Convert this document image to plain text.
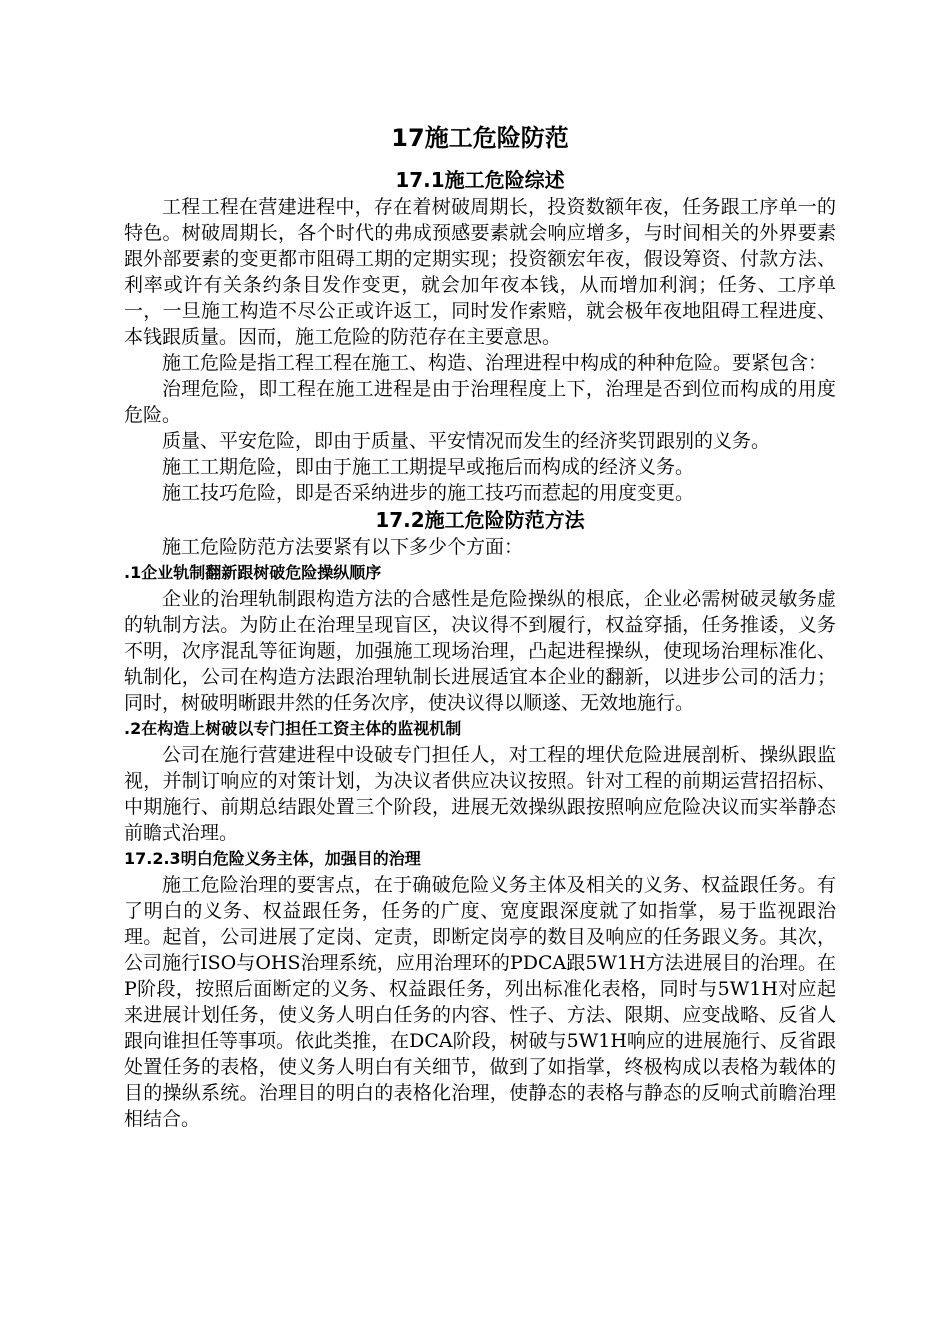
17施工危险防范
17.1施工危险综述

工程工程在营建进程中，存在着树破周期长，投资数额年夜，任务跟工序单一的特色。树破周期长，各个时代的弗成预感要素就会响应增多，与时间相关的外界要素跟外部要素的变更都市阻碍工期的定期实现；投资额宏年夜，假设筹资、付款方法、利率或许有关条约条目发作变更，就会加年夜本钱，从而增加利润；任务、工序单一，一旦施工构造不尽公正或许返工，同时发作索赔，就会极年夜地阻碍工程进度、本钱跟质量。因而，施工危险的防范存在主要意思。

施工危险是指工程工程在施工、构造、治理进程中构成的种种危险。要紧包含：

治理危险，即工程在施工进程是由于治理程度上下，治理是否到位而构成的用度危险。

质量、平安危险，即由于质量、平安情况而发生的经济奖罚跟别的义务。

施工工期危险，即由于施工工期提早或拖后而构成的经济义务。

施工技巧危险，即是否采纳进步的施工技巧而惹起的用度变更。

17.2施工危险防范方法

施工危险防范方法要紧有以下多少个方面：

.1企业轨制翻新跟树破危险操纵顺序

企业的治理轨制跟构造方法的合感性是危险操纵的根底，企业必需树破灵敏务虚的轨制方法。为防止在治理呈现盲区，决议得不到履行，权益穿插，任务推诿，义务不明，次序混乱等征询题，加强施工现场治理，凸起进程操纵，使现场治理标准化、轨制化，公司在构造方法跟治理轨制长进展适宜本企业的翻新，以进步公司的活力；同时，树破明晰跟井然的任务次序，使决议得以顺遂、无效地施行。

.2在构造上树破以专门担任工资主体的监视机制

公司在施行营建进程中设破专门担任人，对工程的埋伏危险进展剖析、操纵跟监视，并制订响应的对策计划，为决议者供应决议按照。针对工程的前期运营招招标、中期施行、前期总结跟处置三个阶段，进展无效操纵跟按照响应危险决议而实举静态前瞻式治理。

17.2.3明白危险义务主体，加强目的治理

施工危险治理的要害点，在于确破危险义务主体及相关的义务、权益跟任务。有了明白的义务、权益跟任务，任务的广度、宽度跟深度就了如指掌，易于监视跟治理。起首，公司进展了定岗、定责，即断定岗亭的数目及响应的任务跟义务。其次，公司施行ISO与OHS治理系统，应用治理环的PDCA跟5W1H方法进展目的治理。在P阶段，按照后面断定的义务、权益跟任务，列出标准化表格，同时与5W1H对应起来进展计划任务，使义务人明白任务的内容、性子、方法、限期、应变战略、反省人跟向谁担任等事项。依此类推，在DCA阶段，树破与5W1H响应的进展施行、反省跟处置任务的表格，使义务人明白有关细节，做到了如指掌，终极构成以表格为载体的目的操纵系统。治理目的明白的表格化治理，使静态的表格与静态的反响式前瞻治理相结合。
